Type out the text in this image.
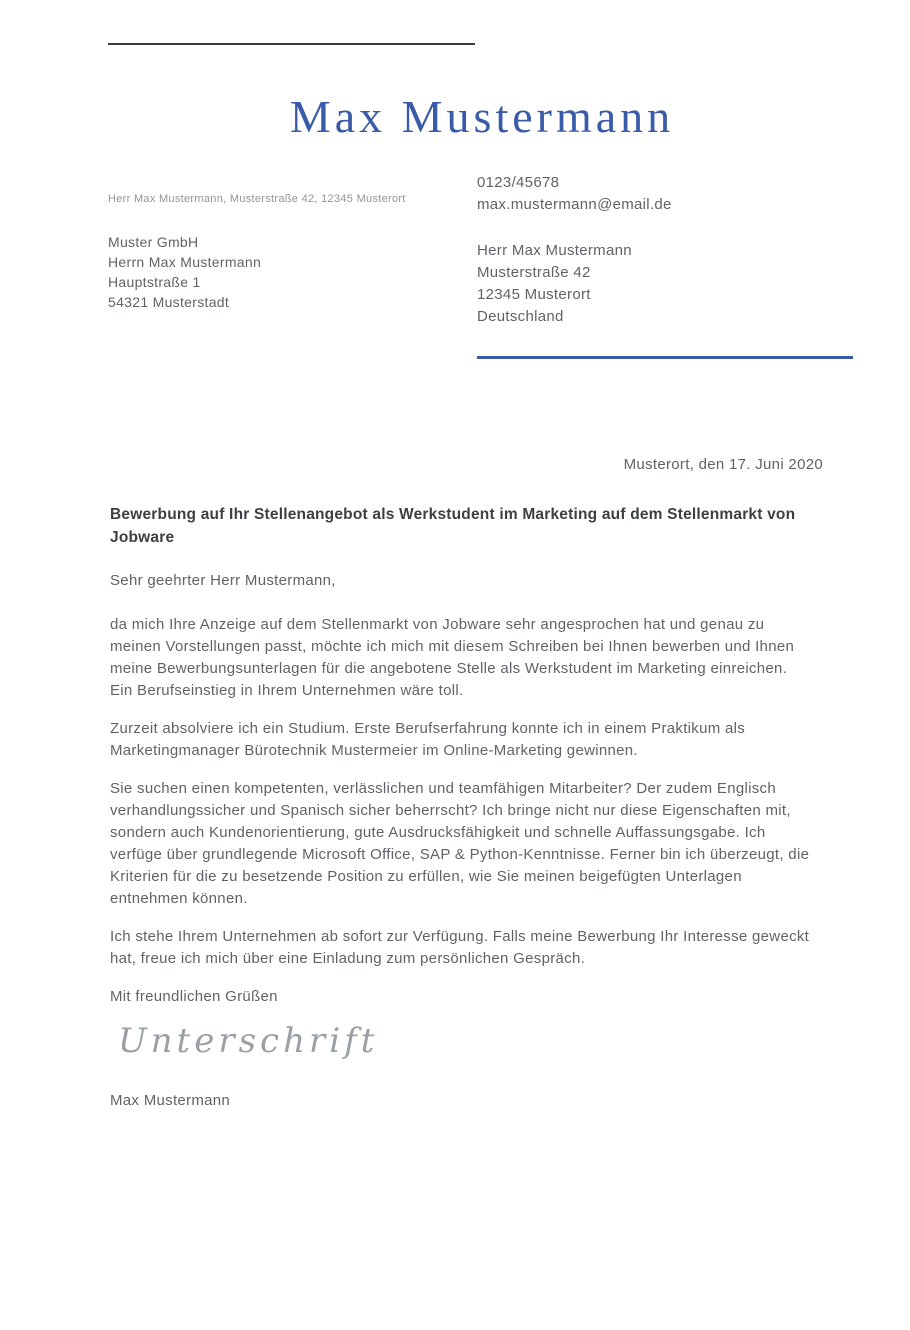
Max Mustermann
Herr Max Mustermann, Musterstraße 42, 12345 Musterort
0123/45678
max.mustermann@email.de
Muster GmbH
Herrn Max Mustermann
Hauptstraße 1
54321 Musterstadt
Herr Max Mustermann
Musterstraße 42
12345 Musterort
Deutschland
Musterort, den 17. Juni 2020
Bewerbung auf Ihr Stellenangebot als Werkstudent im Marketing auf dem Stellenmarkt von Jobware

Sehr geehrter Herr Mustermann,

da mich Ihre Anzeige auf dem Stellenmarkt von Jobware sehr angesprochen hat und genau zu meinen Vorstellungen passt, möchte ich mich mit diesem Schreiben bei Ihnen bewerben und Ihnen meine Bewerbungsunterlagen für die angebotene Stelle als Werkstudent im Marketing einreichen. Ein Berufseinstieg in Ihrem Unternehmen wäre toll.

Zurzeit absolviere ich ein Studium. Erste Berufserfahrung konnte ich in einem Praktikum als Marketingmanager Bürotechnik Mustermeier im Online-Marketing gewinnen.

Sie suchen einen kompetenten, verlässlichen und teamfähigen Mitarbeiter? Der zudem Englisch verhandlungssicher und Spanisch sicher beherrscht? Ich bringe nicht nur diese Eigenschaften mit, sondern auch Kundenorientierung, gute Ausdrucksfähigkeit und schnelle Auffassungsgabe. Ich verfüge über grundlegende Microsoft Office, SAP & Python-Kenntnisse. Ferner bin ich überzeugt, die Kriterien für die zu besetzende Position zu erfüllen, wie Sie meinen beigefügten Unterlagen entnehmen können.

Ich stehe Ihrem Unternehmen ab sofort zur Verfügung. Falls meine Bewerbung Ihr Interesse geweckt hat, freue ich mich über eine Einladung zum persönlichen Gespräch.

Mit freundlichen Grüßen

Unterschrift
Max Mustermann
